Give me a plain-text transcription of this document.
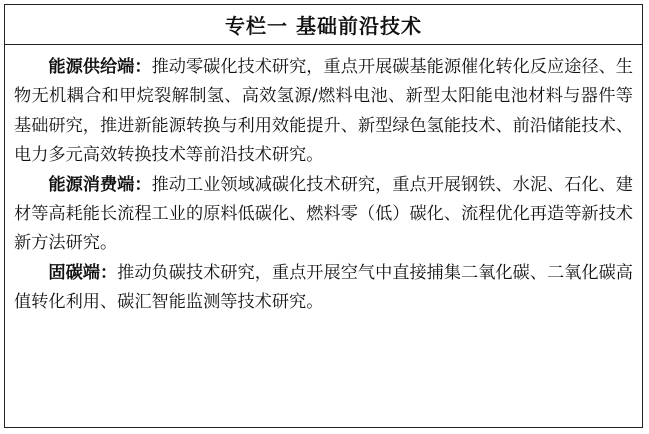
专栏一 基础前沿技术

能源供给端：推动零碳化技术研究，重点开展碳基能源催化转化反应途径、生物无机耦合和甲烷裂解制氢、高效氢源/燃料电池、新型太阳能电池材料与器件等基础研究，推进新能源转换与利用效能提升、新型绿色氢能技术、前沿储能技术、电力多元高效转换技术等前沿技术研究。

能源消费端：推动工业领域减碳化技术研究，重点开展钢铁、水泥、石化、建材等高耗能长流程工业的原料低碳化、燃料零（低）碳化、流程优化再造等新技术新方法研究。

固碳端：推动负碳技术研究，重点开展空气中直接捕集二氧化碳、二氧化碳高值转化利用、碳汇智能监测等技术研究。
